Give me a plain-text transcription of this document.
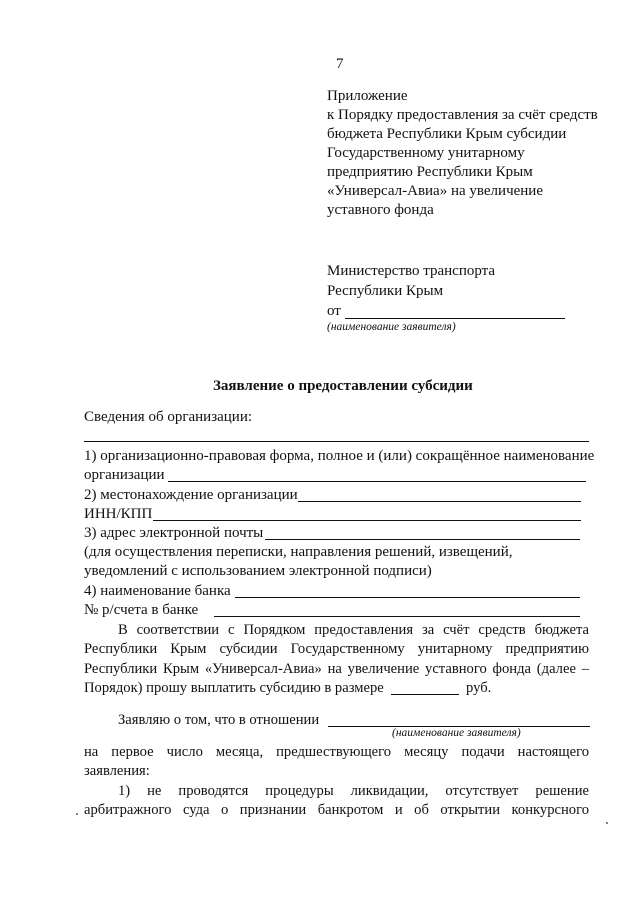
7
Приложение
к Порядку предоставления за счёт средств
бюджета Республики Крым субсидии
Государственному унитарному
предприятию Республики Крым
«Универсал-Авиа» на увеличение
уставного фонда
Министерство транспорта
Республики Крым
от
(наименование заявителя)
Заявление о предоставлении субсидии
Сведения об организации:
1) организационно-правовая форма, полное и (или) сокращённое наименование
организации
2) местонахождение организации
ИНН/КПП
3) адрес электронной почты
(для осуществления переписки, направления решений, извещений,
уведомлений с использованием электронной подписи)
4) наименование банка
№ р/счета в банке
В соответствии с Порядком предоставления за счёт средств бюджета
Республики Крым субсидии Государственному унитарному предприятию
Республики Крым «Универсал-Авиа» на увеличение уставного фонда (далее –
Порядок) прошу выплатить субсидию в размере	руб.
Заявляю о том, что в отношении
(наименование заявителя)
на первое число месяца, предшествующего месяцу подачи настоящего
заявления:
1) не проводятся процедуры ликвидации, отсутствует решение
арбитражного суда о признании банкротом и об открытии конкурсного
